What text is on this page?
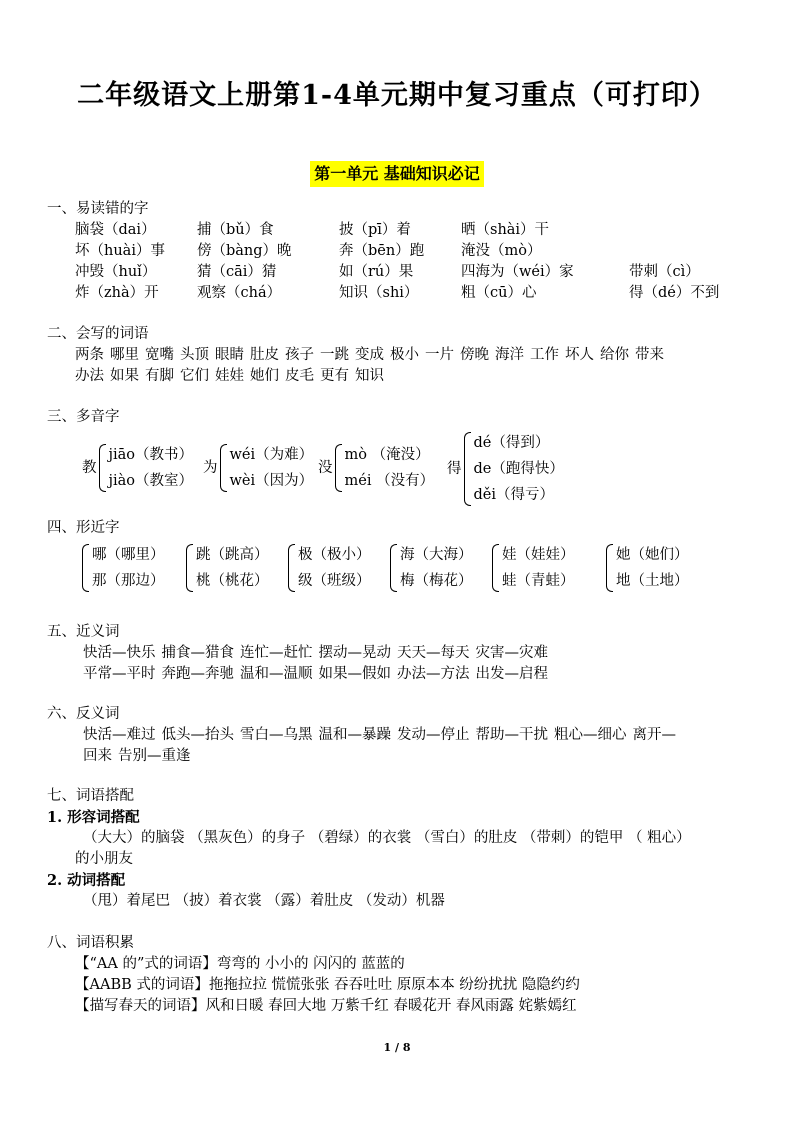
二年级语文上册第1-4单元期中复习重点（可打印）
第一单元 基础知识必记
一、易读错的字
脑袋（dai）	捕（bǔ）食	披（pī）着	晒（shài）干
坏（huài）事 傍（bàng）晚	奔（bēn）跑	淹没（mò）
冲毁（huǐ）	猜（cāi）猜	如（rú）果	四海为（wéi）家	带刺（cì）
炸（zhà）开	观察（chá）	知识（shi）	粗（cū）心	得（dé）不到
二、会写的词语
两条 哪里 宽嘴 头顶 眼睛 肚皮 孩子 一跳 变成 极小 一片 傍晚 海洋 工作 坏人 给你 带来
办法 如果 有脚 它们 娃娃 她们 皮毛 更有 知识
三、多音字
教
jiāo（教书）
jiào（教室）
为
wéi（为难）
wèi（因为）
没
mò （淹没）
méi （没有）
得
dé（得到）
de（跑得快）
děi（得亏）
四、形近字
哪（哪里）
那（那边）
跳（跳高）
桃（桃花）
极（极小）
级（班级）
海（大海）
梅（梅花）
娃（娃娃）
蛙（青蛙）
她（她们）
地（土地）
五、近义词
快活—快乐 捕食—猎食 连忙—赶忙 摆动—晃动 天天—每天 灾害—灾难
平常—平时 奔跑—奔驰 温和—温顺 如果—假如 办法—方法 出发—启程
六、反义词
快活—难过 低头—抬头 雪白—乌黑 温和—暴躁 发动—停止 帮助—干扰 粗心—细心 离开—
回来 告别—重逢
七、词语搭配
1. 形容词搭配
（大大）的脑袋 （黑灰色）的身子 （碧绿）的衣裳 （雪白）的肚皮 （带刺）的铠甲 （ 粗心）
的小朋友
2. 动词搭配
（甩）着尾巴 （披）着衣裳 （露）着肚皮 （发动）机器
八、词语积累
【“AA 的”式的词语】弯弯的 小小的 闪闪的 蓝蓝的
【AABB 式的词语】拖拖拉拉 慌慌张张 吞吞吐吐 原原本本 纷纷扰扰 隐隐约约
【描写春天的词语】风和日暖 春回大地 万紫千红 春暖花开 春风雨露 姹紫嫣红
1 / 8
